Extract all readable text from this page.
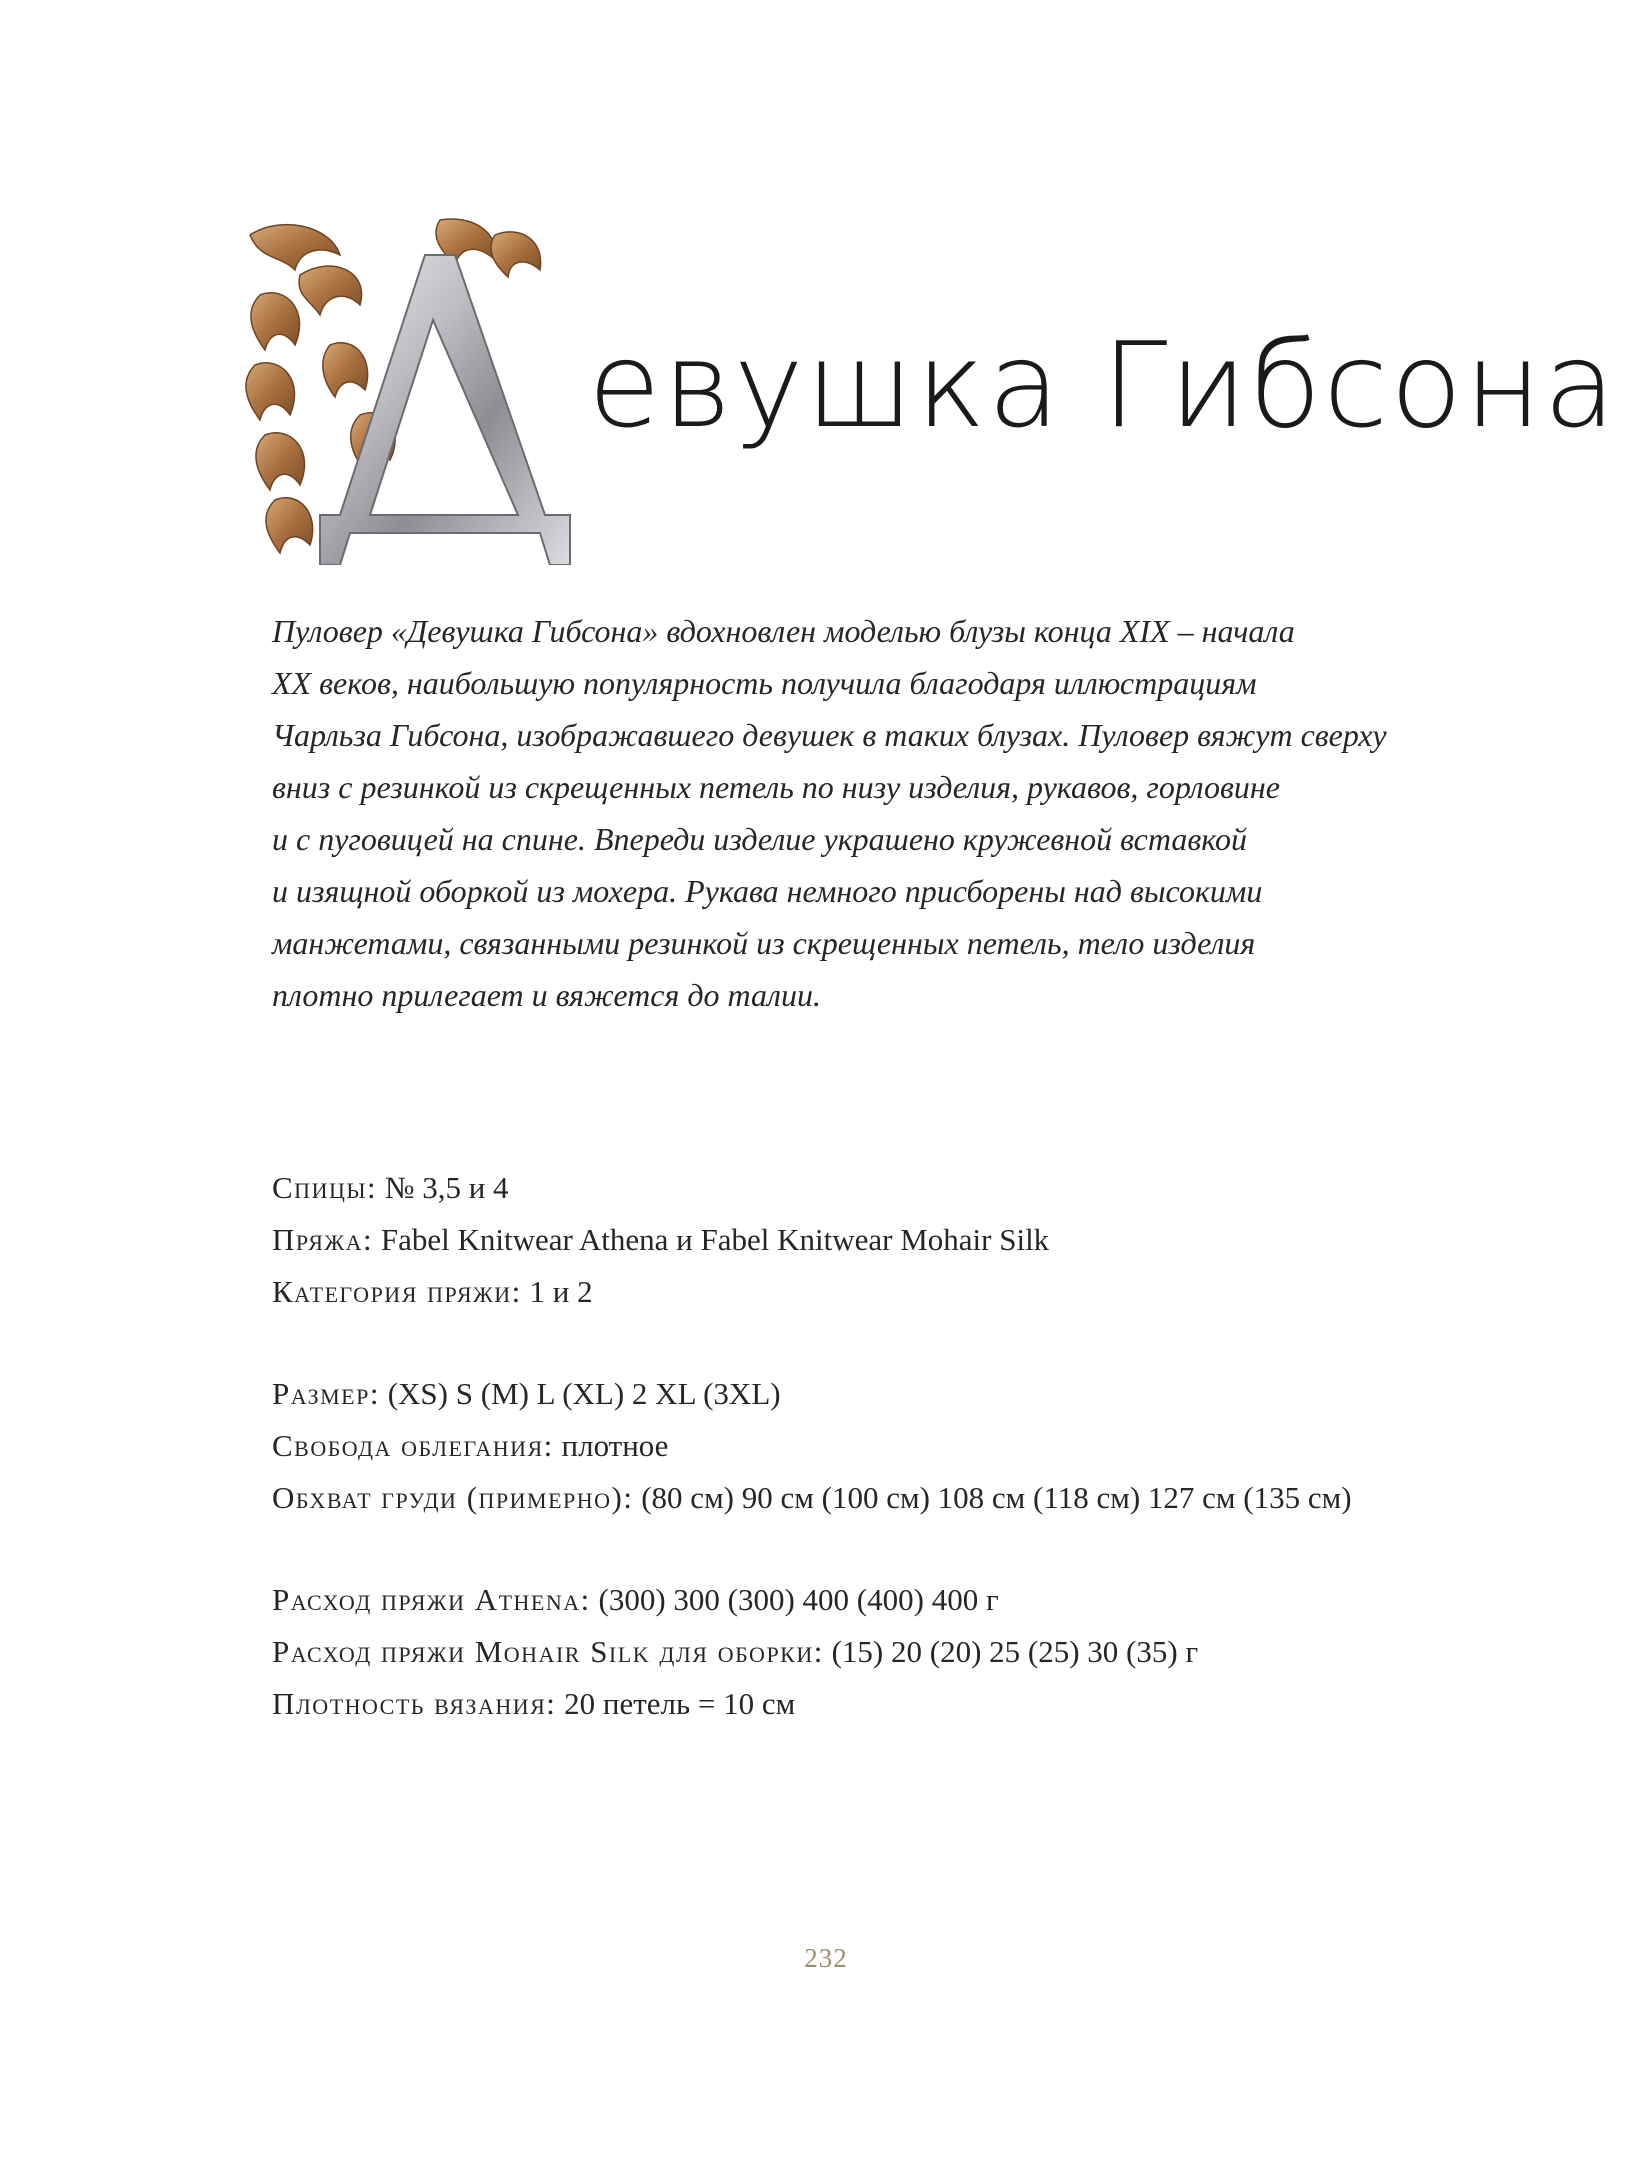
евушка Гибсона

Пуловер «Девушка Гибсона» вдохновлен моделью блузы конца XIX – начала
XX веков, наибольшую популярность получила благодаря иллюстрациям
Чарльза Гибсона, изображавшего девушек в таких блузах. Пуловер вяжут сверху
вниз с резинкой из скрещенных петель по низу изделия, рукавов, горловине
и с пуговицей на спине. Впереди изделие украшено кружевной вставкой
и изящной оборкой из мохера. Рукава немного присборены над высокими
манжетами, связанными резинкой из скрещенных петель, тело изделия
плотно прилегает и вяжется до талии.

Спицы: № 3,5 и 4
Пряжа: Fabel Knitwear Athena и Fabel Knitwear Mohair Silk
Категория пряжи: 1 и 2
Размер: (XS) S (M) L (XL) 2 XL (3XL)
Свобода облегания: плотное
Обхват груди (примерно): (80 см) 90 см (100 см) 108 см (118 см) 127 см (135 см)
Расход пряжи Athena: (300) 300 (300) 400 (400) 400 г
Расход пряжи Mohair Silk для оборки: (15) 20 (20) 25 (25) 30 (35) г
Плотность вязания: 20 петель = 10 см
232
